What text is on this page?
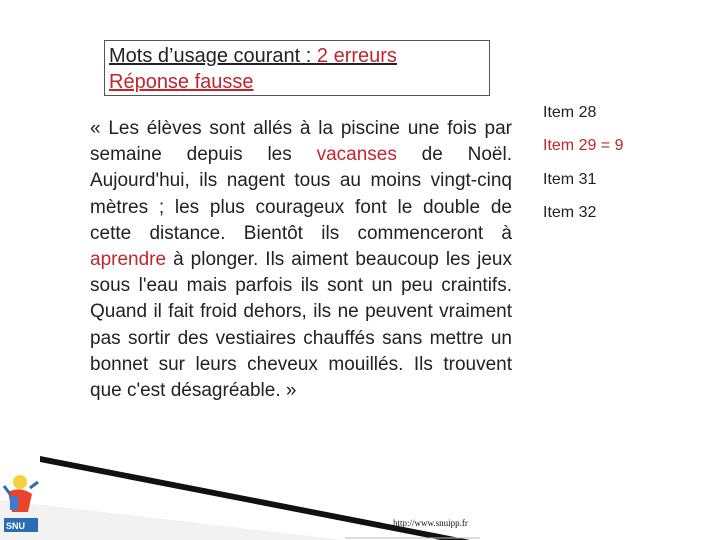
Mots d’usage courant : 2 erreurs
Réponse fausse
« Les élèves sont allés à la piscine une fois par semaine depuis les vacanses de Noël. Aujourd'hui, ils nagent tous au moins vingt-cinq mètres ; les plus courageux font le double de cette distance. Bientôt ils commenceront à aprendre à plonger. Ils aiment beaucoup les jeux sous l'eau mais parfois ils sont un peu craintifs. Quand il fait froid dehors, ils ne peuvent vraiment pas sortir des vestiaires chauffés sans mettre un bonnet sur leurs cheveux mouillés. Ils trouvent que c'est désagréable. »
Item 28
Item 29 = 9
Item 31
Item 32
SNU	http://www.snuipp.fr
